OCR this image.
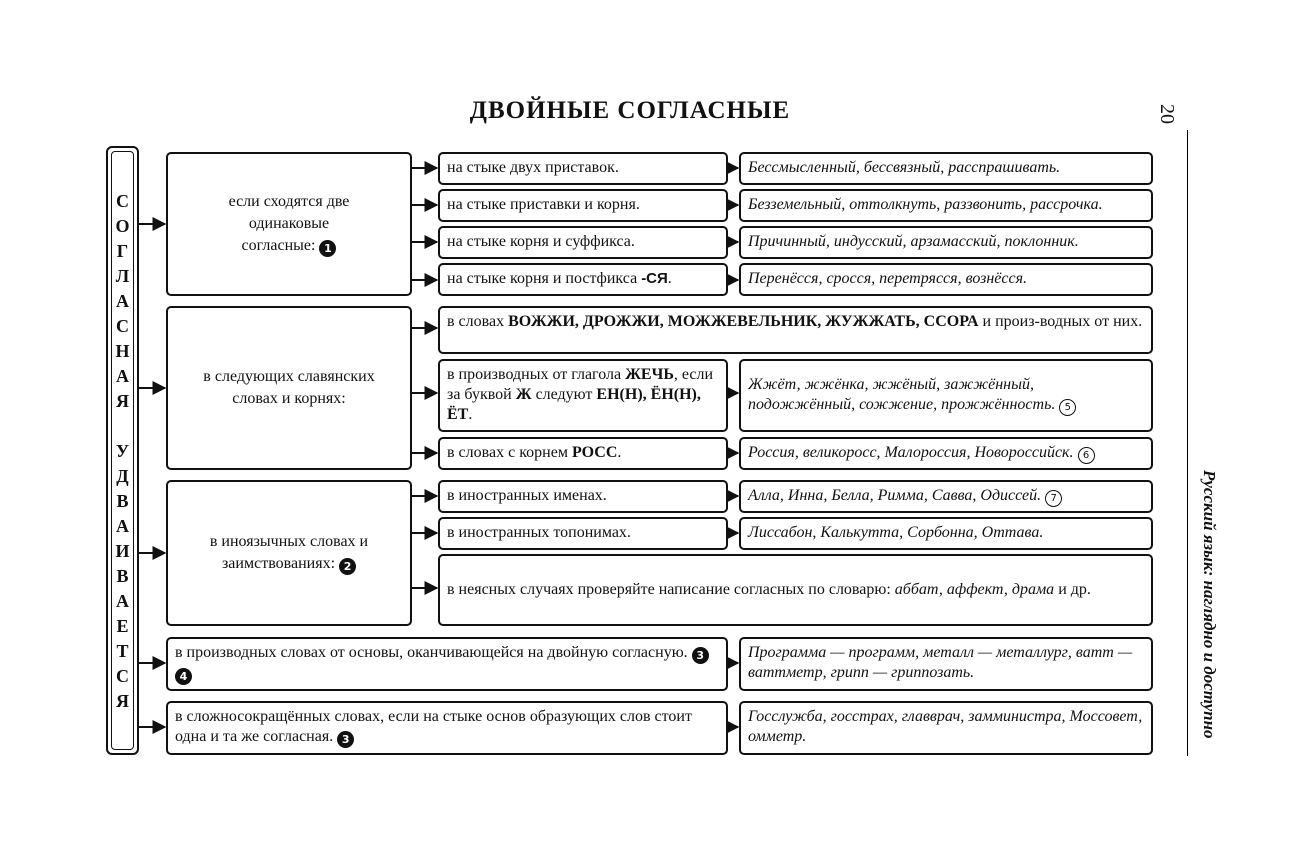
ДВОЙНЫЕ СОГЛАСНЫЕ	20
Русский язык: наглядно и доступно
С
О
Г
Л
А
С
Н
А
Я
У
Д
В
А
И
В
А
Е
Т
С
Я
если сходятся две одинаковые согласные: 1
в следующих славянских словах и корнях:
в иноязычных словах и заимствованиях: 2
на стыке двух приставок.	Бессмысленный, бессвязный, расспрашивать.
на стыке приставки и корня.	Безземельный, оттолкнуть, раззвонить, рассрочка.
на стыке корня и суффикса.	Причинный, индусский, арзамасский, поклонник.
на стыке корня и постфикса -СЯ.	Перенёсся, сросся, перетрясся, вознёсся.
в словах ВОЖЖИ, ДРОЖЖИ, МОЖЖЕВЕЛЬНИК, ЖУЖЖАТЬ, ССОРА и произ-водных от них.
в производных от глагола ЖЕЧЬ, если за буквой Ж следуют ЕН(Н), ЁН(Н), ЁТ.
Жжёт, жжёнка, жжёный, зажжённый, подожжённый, сожжение, прожжённость. 5
в словах с корнем РОСС.	Россия, великоросс, Малороссия, Новороссийск. 6
в иностранных именах.	Алла, Инна, Белла, Римма, Савва, Одиссей. 7
в иностранных топонимах.	Лиссабон, Калькутта, Сорбонна, Оттава.
в неясных случаях проверяйте написание согласных по словарю: аббат, аффект, драма и др.
в производных словах от основы, оканчивающейся на двойную согласную. 34
Программа — программ, металл — металлург, ватт — ваттметр, грипп — гриппозать.
в сложносокращённых словах, если на стыке основ образующих слов стоит одна и та же согласная. 3
Госслужба, госстрах, главврач, замминистра, Моссовет, омметр.
